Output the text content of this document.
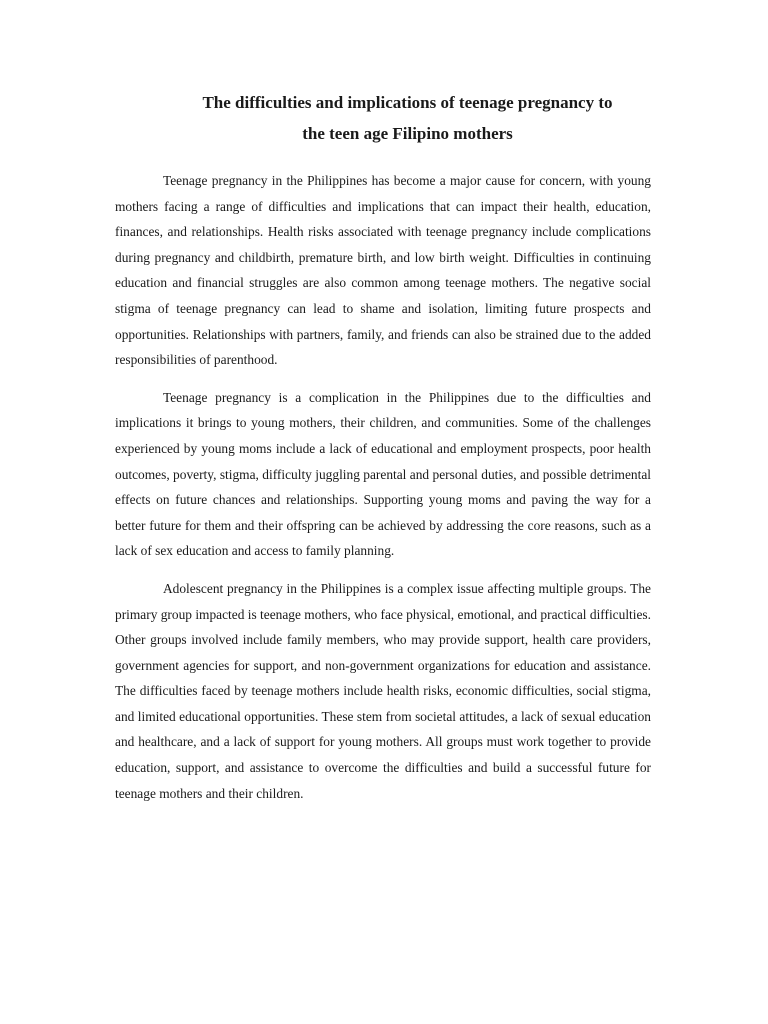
The difficulties and implications of teenage pregnancy to
the teen age Filipino mothers

Teenage pregnancy in the Philippines has become a major cause for concern, with young mothers facing a range of difficulties and implications that can impact their health, education, finances, and relationships. Health risks associated with teenage pregnancy include complications during pregnancy and childbirth, premature birth, and low birth weight. Difficulties in continuing education and financial struggles are also common among teenage mothers. The negative social stigma of teenage pregnancy can lead to shame and isolation, limiting future prospects and opportunities. Relationships with partners, family, and friends can also be strained due to the added responsibilities of parenthood.

Teenage pregnancy is a complication in the Philippines due to the difficulties and implications it brings to young mothers, their children, and communities. Some of the challenges experienced by young moms include a lack of educational and employment prospects, poor health outcomes, poverty, stigma, difficulty juggling parental and personal duties, and possible detrimental effects on future chances and relationships. Supporting young moms and paving the way for a better future for them and their offspring can be achieved by addressing the core reasons, such as a lack of sex education and access to family planning.

Adolescent pregnancy in the Philippines is a complex issue affecting multiple groups. The primary group impacted is teenage mothers, who face physical, emotional, and practical difficulties. Other groups involved include family members, who may provide support, health care providers, government agencies for support, and non-government organizations for education and assistance. The difficulties faced by teenage mothers include health risks, economic difficulties, social stigma, and limited educational opportunities. These stem from societal attitudes, a lack of sexual education and healthcare, and a lack of support for young mothers. All groups must work together to provide education, support, and assistance to overcome the difficulties and build a successful future for teenage mothers and their children.
